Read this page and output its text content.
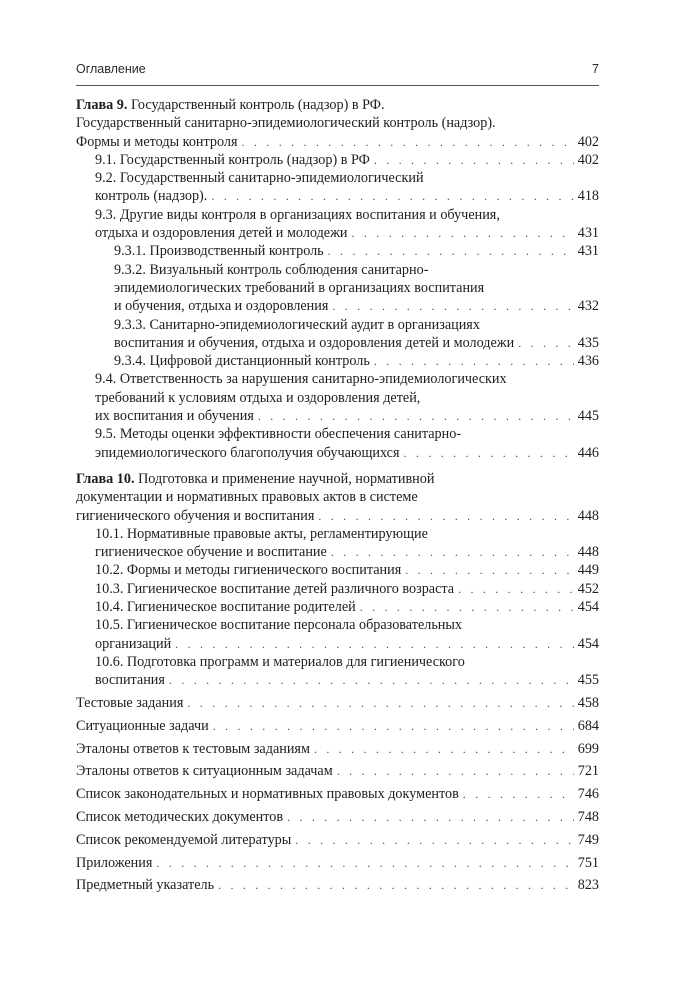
Оглавление	7
Глава 9. Государственный контроль (надзор) в РФ.
Государственный санитарно-эпидемиологический контроль (надзор).
Формы и методы контроля . . .	402
9.1. Государственный контроль (надзор) в РФ . . .	402
9.2. Государственный санитарно-эпидемиологический
контроль (надзор). . . .	418
9.3. Другие виды контроля в организациях воспитания и обучения,
отдыха и оздоровления детей и молодежи . . .	431
9.3.1. Производственный контроль . . .	431
9.3.2. Визуальный контроль соблюдения санитарно-
эпидемиологических требований в организациях воспитания
и обучения, отдыха и оздоровления . . .	432
9.3.3. Санитарно-эпидемиологический аудит в организациях
воспитания и обучения, отдыха и оздоровления детей и молодежи . . .	435
9.3.4. Цифровой дистанционный контроль . . .	436
9.4. Ответственность за нарушения санитарно-эпидемиологических
требований к условиям отдыха и оздоровления детей,
их воспитания и обучения . . .	445
9.5. Методы оценки эффективности обеспечения санитарно-
эпидемиологического благополучия обучающихся . . .	446
Глава 10. Подготовка и применение научной, нормативной
документации и нормативных правовых актов в системе
гигиенического обучения и воспитания . . .	448
10.1. Нормативные правовые акты, регламентирующие
гигиеническое обучение и воспитание . . .	448
10.2. Формы и методы гигиенического воспитания . . .	449
10.3. Гигиеническое воспитание детей различного возраста . . .	452
10.4. Гигиеническое воспитание родителей . . .	454
10.5. Гигиеническое воспитание персонала образовательных
организаций . . .	454
10.6. Подготовка программ и материалов для гигиенического
воспитания . . .	455
Тестовые задания . . .	458
Ситуационные задачи . . .	684
Эталоны ответов к тестовым заданиям . . .	699
Эталоны ответов к ситуационным задачам . . .	721
Список законодательных и нормативных правовых документов . . .	746
Список методических документов . . .	748
Список рекомендуемой литературы . . .	749
Приложения . . .	751
Предметный указатель . . .	823
